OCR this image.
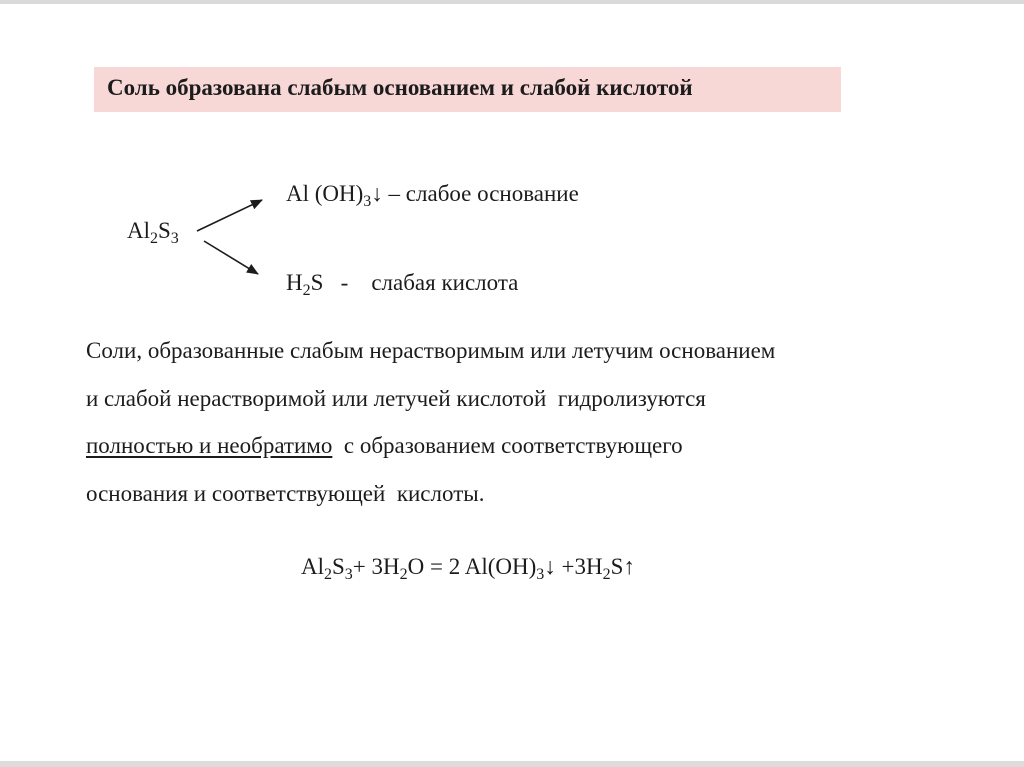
Соль образована слабым основанием и слабой кислотой
$Al_2S_3$
Al $(OH)_3↓$ – слабое основание
$H_2S$   -    слабая кислота
Соли, образованные слабым нерастворимым или летучим основанием
и слабой нерастворимой или летучей кислотой  гидролизуются
полностью и необратимо  с образованием соответствующего
основания и соответствующей  кислоты.
$Al_2S_3+ 3H_2O = 2$ $Al(OH)_3↓$ $+3H_2S↑$
